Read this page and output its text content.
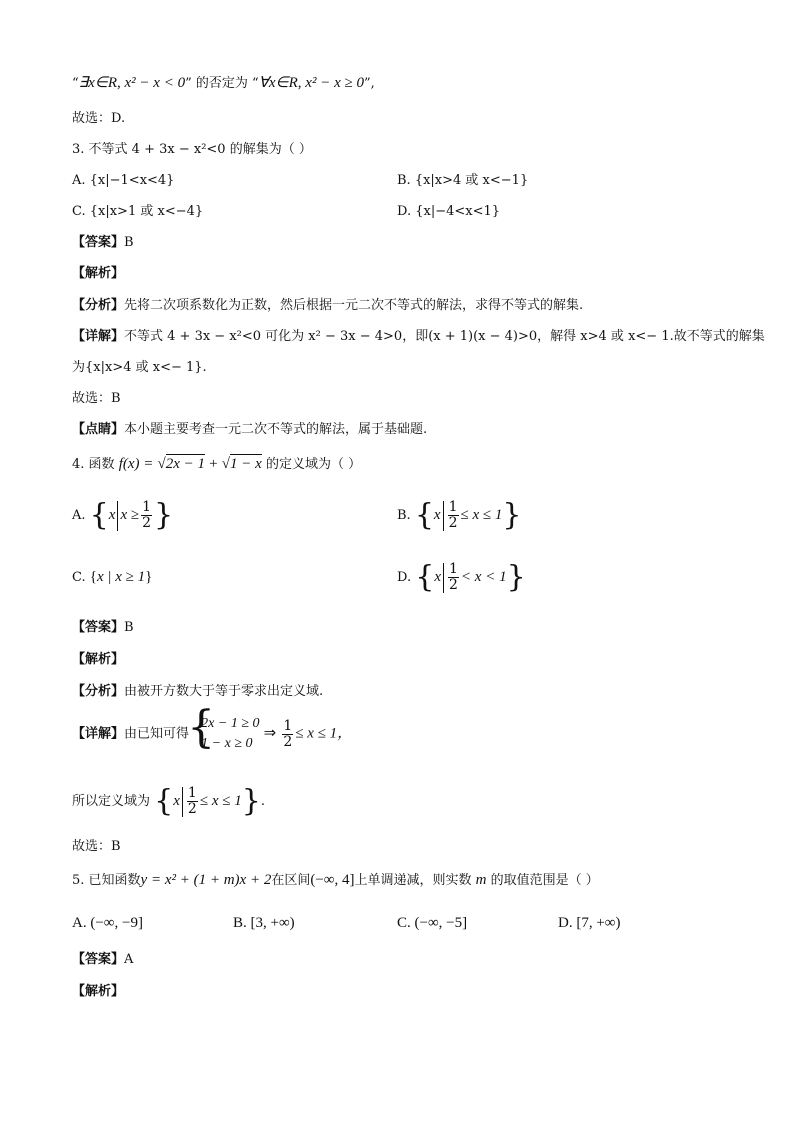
“∃x∈R, x² − x < 0” 的否定为 “∀x∈R, x² − x ≥ 0”,
故选：D.
3. 不等式 4 + 3x − x²<0 的解集为（ ）
A. {x|−1<x<4}	B. {x|x>4 或 x<−1}
C. {x|x>1 或 x<−4}	D. {x|−4<x<1}
【答案】B
【解析】
【分析】先将二次项系数化为正数，然后根据一元二次不等式的解法，求得不等式的解集.
【详解】不等式 4 + 3x − x²<0 可化为 x² − 3x − 4>0，即(x + 1)(x − 4)>0，解得 x>4 或 x<− 1.故不等式的解集
为{x|x>4 或 x<− 1}.
故选：B
【点睛】本小题主要考查一元二次不等式的解法，属于基础题.
4. 函数 f(x) = √2x − 1 + √1 − x 的定义域为（ ）
A. {x $x \ge \frac{1}{2}$ }	B. $\{x \frac{1}{2} \le x \le 1\}$
C. {x | x ≥ 1}	D. $\{x \frac{1}{2} < x < 1\}$
【答案】B
【解析】
【分析】由被开方数大于等于零求出定义域.
【详解】由已知可得
{ 2x − 1 ≥ 0
1 − x ≥ 0
⇒ $\frac{1}{2} \le x \le 1$，
所以定义域为 $\{x \frac{1}{2} \le x \le 1\}$.
故选：B
5. 已知函数y = x² + (1 + m)x + 2在区间(−∞, 4]上单调递减，则实数 m 的取值范围是（ ）
A. (−∞, −9]	B. [3, +∞)	C. (−∞, −5]	D. [7, +∞)
【答案】A
【解析】
